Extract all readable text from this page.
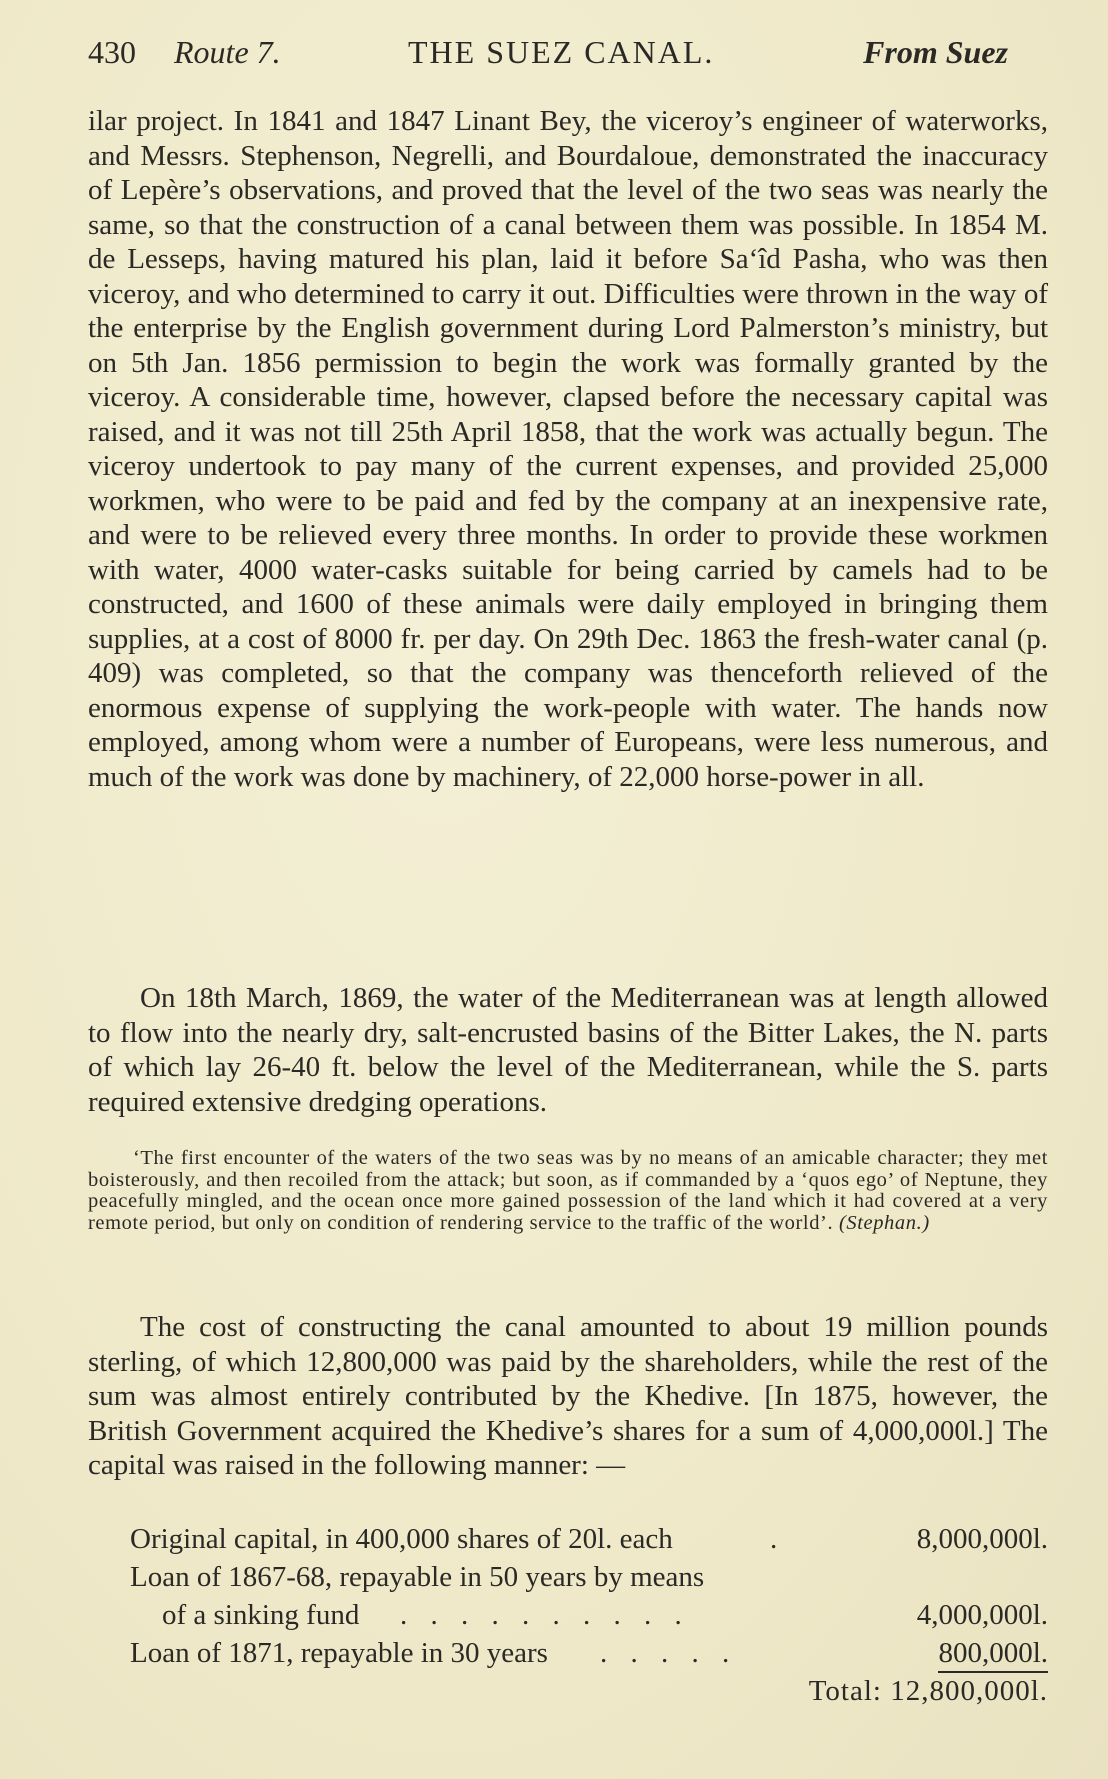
430 Route 7.	THE SUEZ CANAL.	From Suez

ilar project. In 1841 and 1847 Linant Bey, the viceroy’s engineer of waterworks, and Messrs. Stephenson, Negrelli, and Bourdaloue, demonstrated the inaccuracy of Lepère’s observations, and proved that the level of the two seas was nearly the same, so that the construction of a canal between them was possible. In 1854 M. de Lesseps, having matured his plan, laid it before Sa‘îd Pasha, who was then viceroy, and who determined to carry it out. Difficulties were thrown in the way of the enterprise by the English government during Lord Palmerston’s ministry, but on 5th Jan. 1856 permission to begin the work was formally granted by the viceroy. A considerable time, however, clapsed before the necessary capital was raised, and it was not till 25th April 1858, that the work was actually begun. The viceroy undertook to pay many of the current expenses, and provided 25,000 workmen, who were to be paid and fed by the company at an inexpensive rate, and were to be relieved every three months. In order to provide these workmen with water, 4000 water-casks suitable for being carried by camels had to be constructed, and 1600 of these animals were daily employed in bringing them supplies, at a cost of 8000 fr. per day. On 29th Dec. 1863 the fresh-water canal (p. 409) was completed, so that the company was thenceforth relieved of the enormous expense of supplying the work-people with water. The hands now employed, among whom were a number of Europeans, were less numerous, and much of the work was done by machinery, of 22,000 horse-power in all.

On 18th March, 1869, the water of the Mediterranean was at length allowed to flow into the nearly dry, salt-encrusted basins of the Bitter Lakes, the N. parts of which lay 26-40 ft. below the level of the Mediterranean, while the S. parts required extensive dredging operations.

‘The first encounter of the waters of the two seas was by no means of an amicable character; they met boisterously, and then recoiled from the attack; but soon, as if commanded by a ‘quos ego’ of Neptune, they peacefully mingled, and the ocean once more gained possession of the land which it had covered at a very remote period, but only on condition of rendering service to the traffic of the world’. (Stephan.)

The cost of constructing the canal amounted to about 19 million pounds sterling, of which 12,800,000 was paid by the shareholders, while the rest of the sum was almost entirely contributed by the Khedive. [In 1875, however, the British Government acquired the Khedive’s shares for a sum of 4,000,000l.] The capital was raised in the following manner: —

Original capital, in 400,000 shares of 20l. each	.	8,000,000l.
Loan of 1867-68, repayable in 50 years by means
of a sinking fund . . . . . . . . . .	4,000,000l.
Loan of 1871, repayable in 30 years . . . . .	800,000l.
Total: 12,800,000l.
